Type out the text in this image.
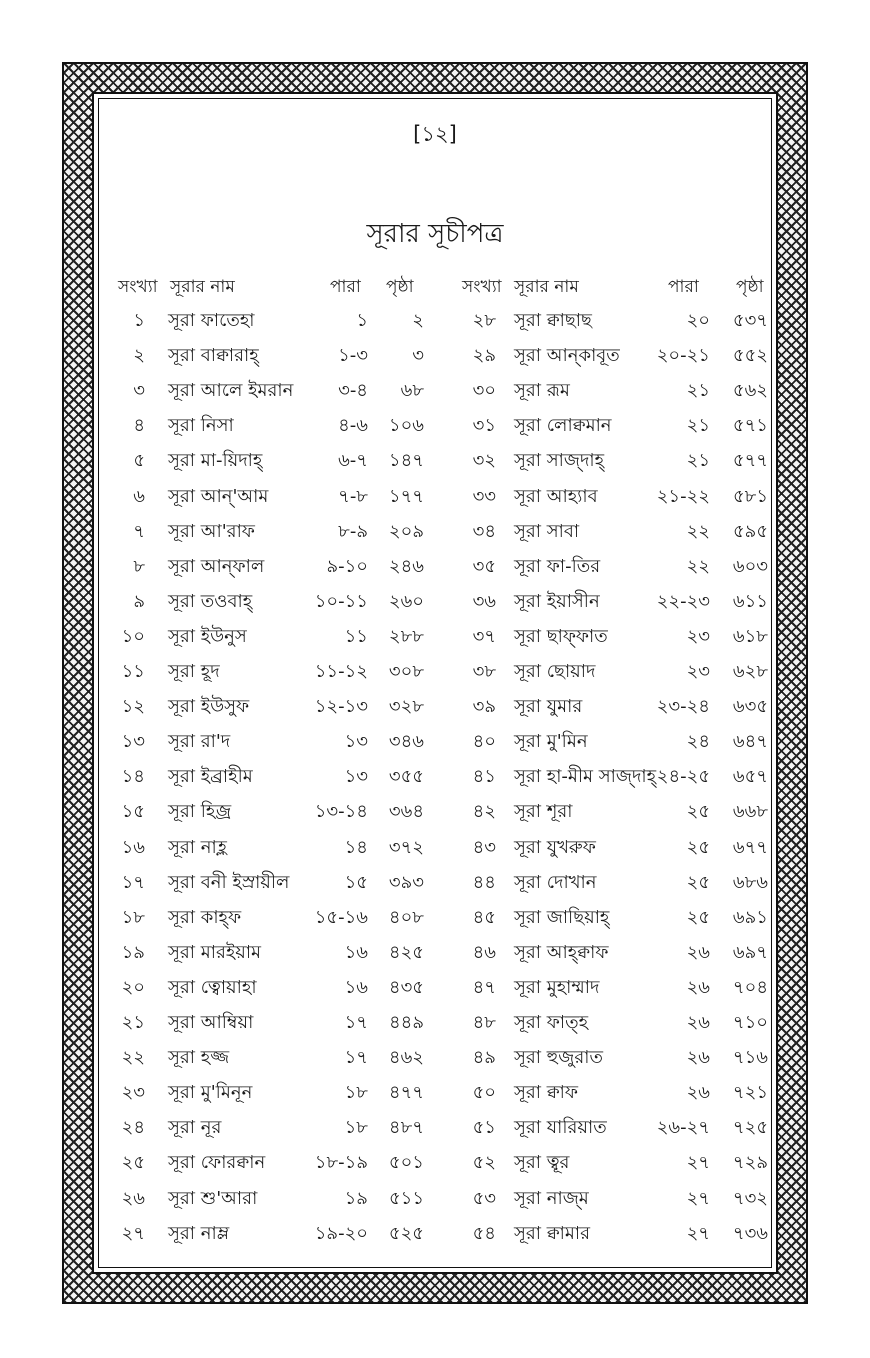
[১২]
সূরার সূচীপত্র
সংখ্যা সূরার নাম	পারা পৃষ্ঠা	সংখ্যা সূরার নাম	পারা পৃষ্ঠা
১ সূরা ফাতেহা	১	২	২৮ সূরা ক্বাছাছ	২০	৫৩৭
২ সূরা বাক্বারাহ্	১-৩	৩	২৯ সূরা আন্কাবূত	২০-২১	৫৫২
৩ সূরা আলে ইমরান	৩-৪	৬৮	৩০ সূরা রূম	২১	৫৬২
৪ সূরা নিসা	৪-৬	১০৬	৩১ সূরা লোক্বমান	২১	৫৭১
৫ সূরা মা-য়িদাহ্	৬-৭	১৪৭	৩২ সূরা সাজ্দাহ্	২১	৫৭৭
৬ সূরা আন্'আম	৭-৮	১৭৭	৩৩ সূরা আহ্যাব	২১-২২	৫৮১
৭ সূরা আ'রাফ	৮-৯	২০৯	৩৪ সূরা সাবা	২২	৫৯৫
৮ সূরা আন্ফাল	৯-১০	২৪৬	৩৫ সূরা ফা-তির	২২	৬০৩
৯ সূরা তওবাহ্	১০-১১	২৬০	৩৬ সূরা ইয়াসীন	২২-২৩	৬১১
১০ সূরা ইউনুস	১১	২৮৮	৩৭ সূরা ছাফ্ফাত	২৩	৬১৮
১১ সূরা হূদ	১১-১২	৩০৮	৩৮ সূরা ছোয়াদ	২৩	৬২৮
১২ সূরা ইউসুফ	১২-১৩	৩২৮	৩৯ সূরা যুমার	২৩-২৪	৬৩৫
১৩ সূরা রা'দ	১৩	৩৪৬	৪০ সূরা মু'মিন	২৪	৬৪৭
১৪ সূরা ইব্রাহীম	১৩	৩৫৫	৪১ সূরা হা-মীম সাজ্দাহ্ ২৪-২৫	৬৫৭
১৫ সূরা হিজ্র	১৩-১৪	৩৬৪	৪২ সূরা শূরা	২৫	৬৬৮
১৬ সূরা নাহ্ল	১৪	৩৭২	৪৩ সূরা যুখরুফ	২৫	৬৭৭
১৭ সূরা বনী ইস্রায়ীল	১৫	৩৯৩	৪৪ সূরা দোখান	২৫	৬৮৬
১৮ সূরা কাহ্ফ	১৫-১৬	৪০৮	৪৫ সূরা জাছিয়াহ্	২৫	৬৯১
১৯ সূরা মারইয়াম	১৬	৪২৫	৪৬ সূরা আহ্ক্বাফ	২৬	৬৯৭
২০ সূরা ত্বোয়াহা	১৬	৪৩৫	৪৭ সূরা মুহাম্মাদ	২৬	৭০৪
২১ সূরা আম্বিয়া	১৭	৪৪৯	৪৮ সূরা ফাত্হ	২৬	৭১০
২২ সূরা হজ্জ	১৭	৪৬২	৪৯ সূরা হুজুরাত	২৬	৭১৬
২৩ সূরা মু'মিনূন	১৮	৪৭৭	৫০ সূরা ক্বাফ	২৬	৭২১
২৪ সূরা নূর	১৮	৪৮৭	৫১ সূরা যারিয়াত	২৬-২৭	৭২৫
২৫ সূরা ফোরক্বান	১৮-১৯	৫০১	৫২ সূরা ত্বূর	২৭	৭২৯
২৬ সূরা শু'আরা	১৯	৫১১	৫৩ সূরা নাজ্ম	২৭	৭৩২
২৭ সূরা নাম্ল	১৯-২০	৫২৫	৫৪ সূরা ক্বামার	২৭	৭৩৬
